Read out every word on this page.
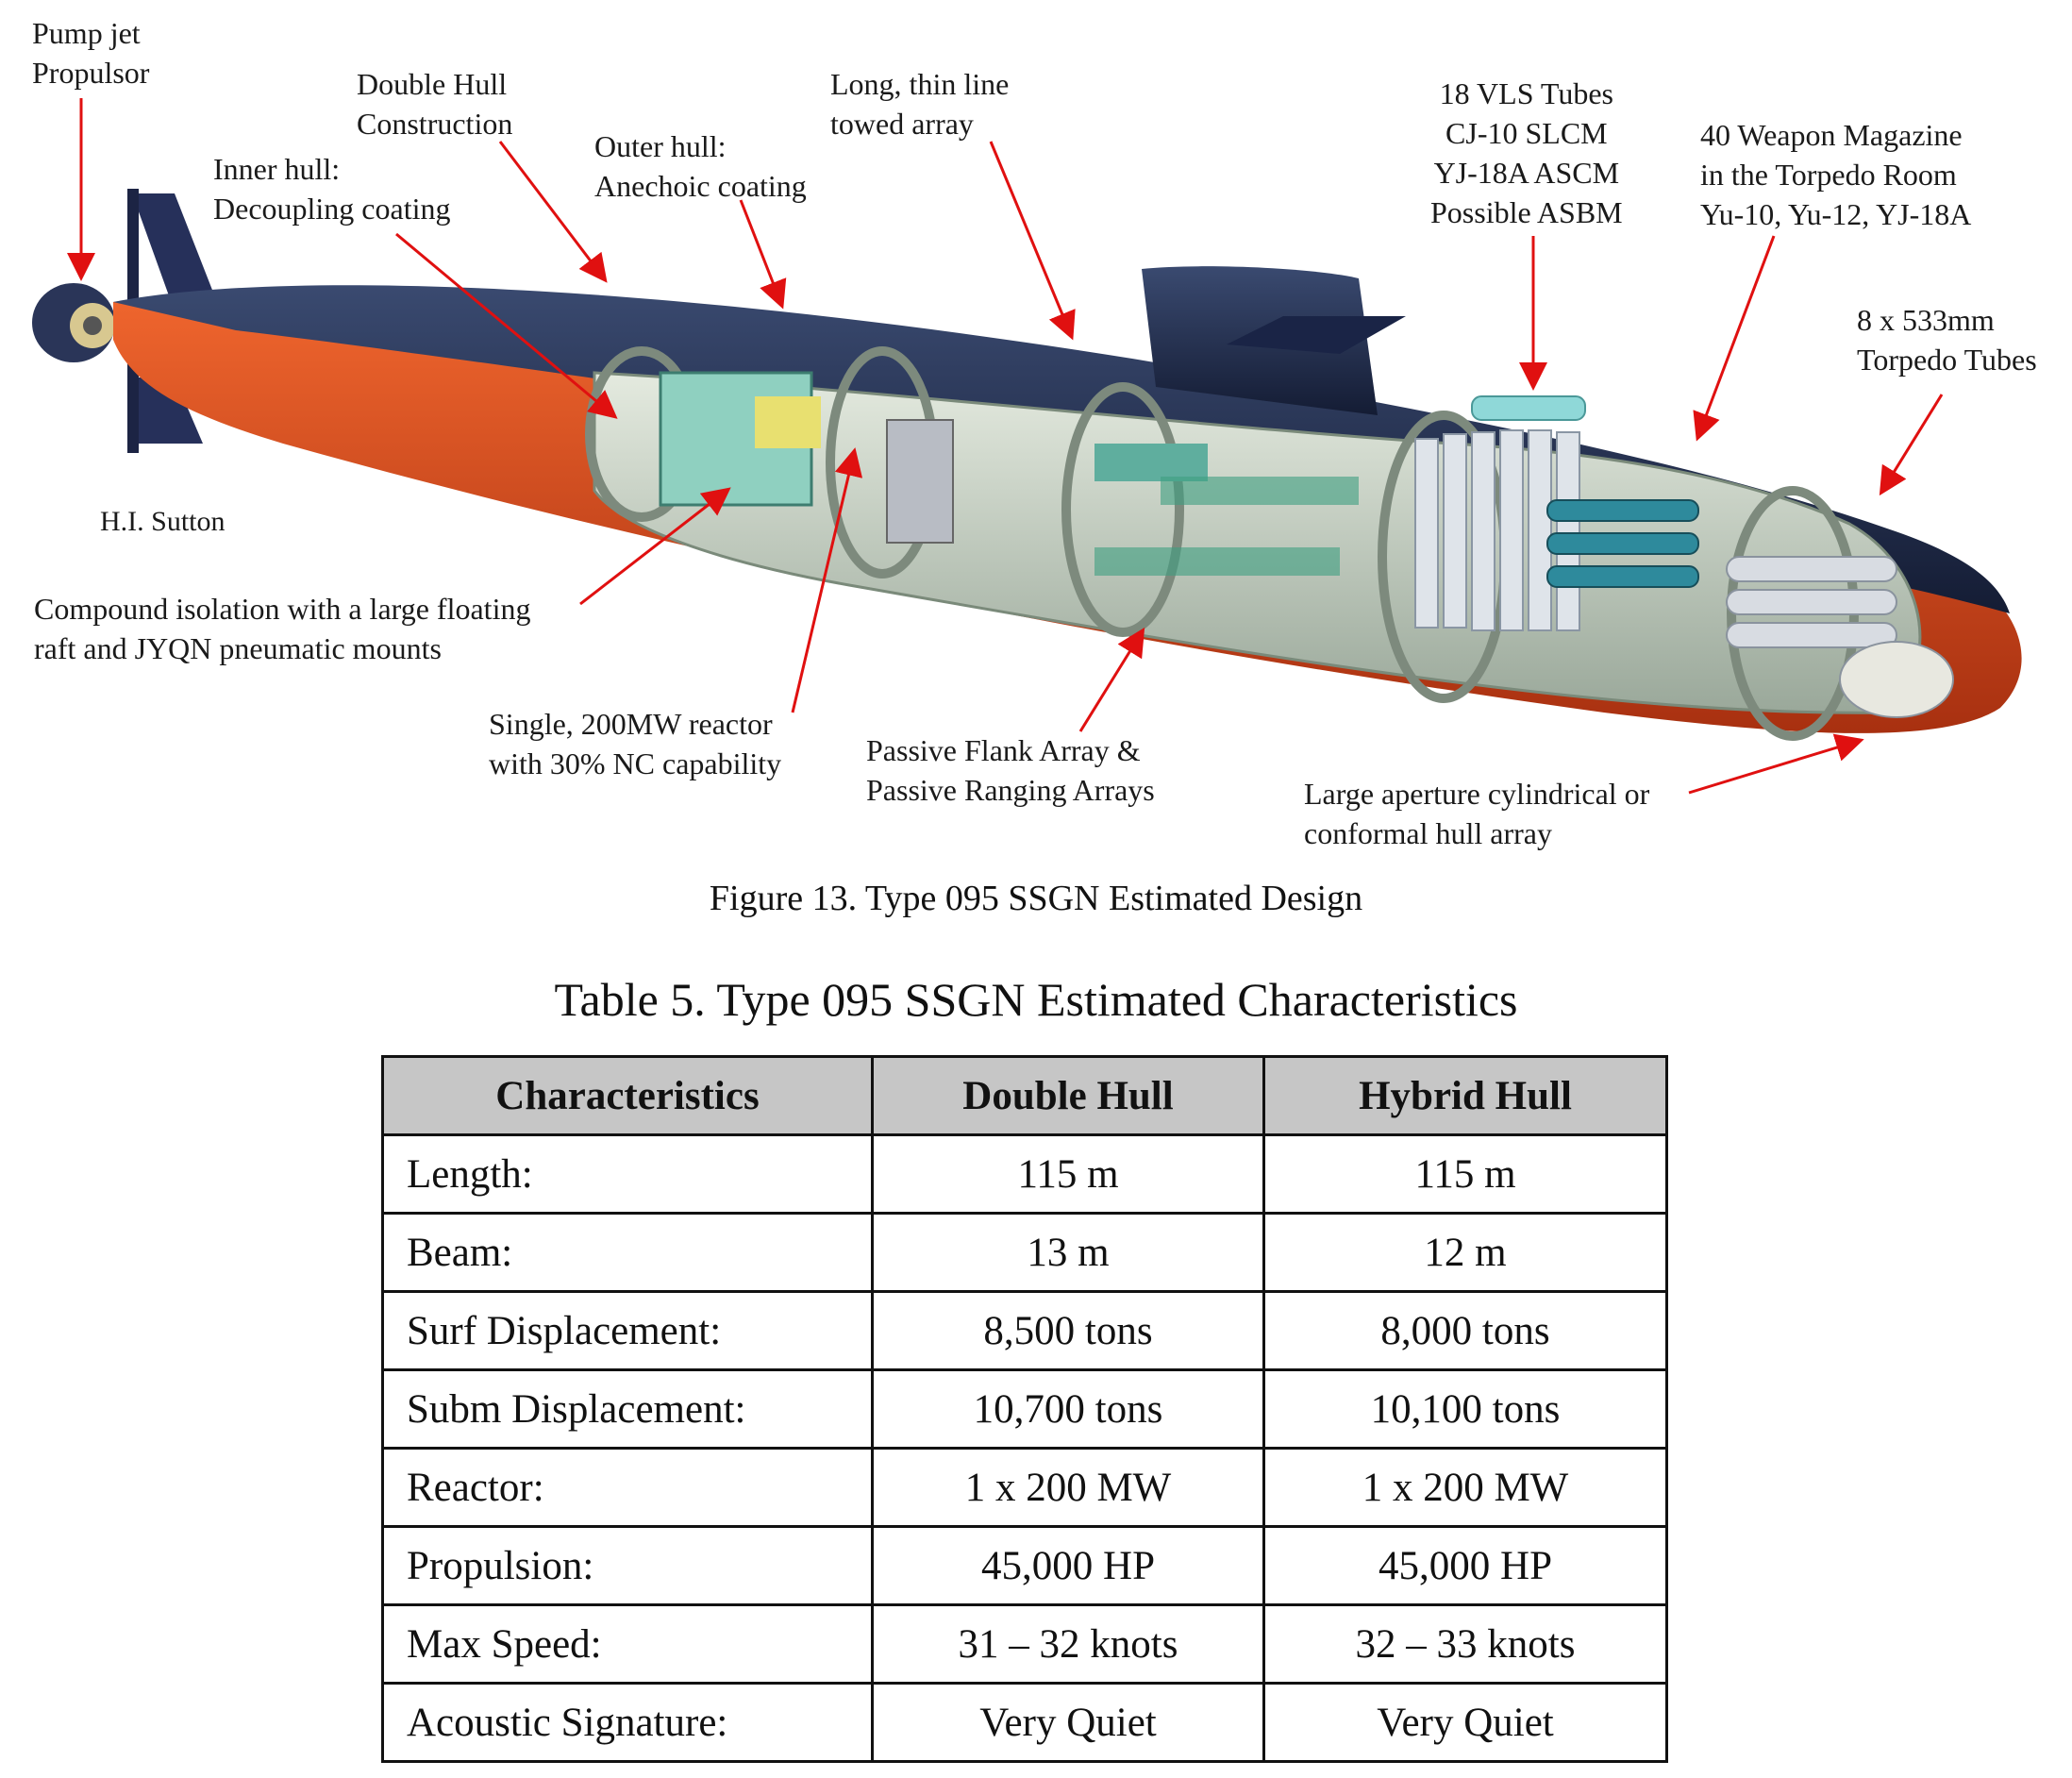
Pump jet
Propulsor	Double Hull
Construction
Inner hull:
Decoupling coating
Outer hull:
Anechoic coating
Long, thin line
towed array
18 VLS Tubes
CJ-10 SLCM
YJ-18A ASCM
Possible ASBM
40 Weapon Magazine
in the Torpedo Room
Yu-10, Yu-12, YJ-18A
8 x 533mm
Torpedo Tubes
H.I. Sutton
Compound isolation with a large floating
raft and JYQN pneumatic mounts
Single, 200MW reactor
with 30% NC capability	Passive Flank Array &
Passive Ranging Arrays	Large aperture cylindrical or
conformal hull array
Figure 13. Type 095 SSGN Estimated Design
Table 5. Type 095 SSGN Estimated Characteristics
Characteristics	Double Hull	Hybrid Hull
Length:	115 m	115 m
Beam:	13 m	12 m
Surf Displacement:	8,500 tons	8,000 tons
Subm Displacement:	10,700 tons	10,100 tons
Reactor:	1 x 200 MW	1 x 200 MW
Propulsion:	45,000 HP	45,000 HP
Max Speed:	31 – 32 knots	32 – 33 knots
Acoustic Signature:	Very Quiet	Very Quiet
